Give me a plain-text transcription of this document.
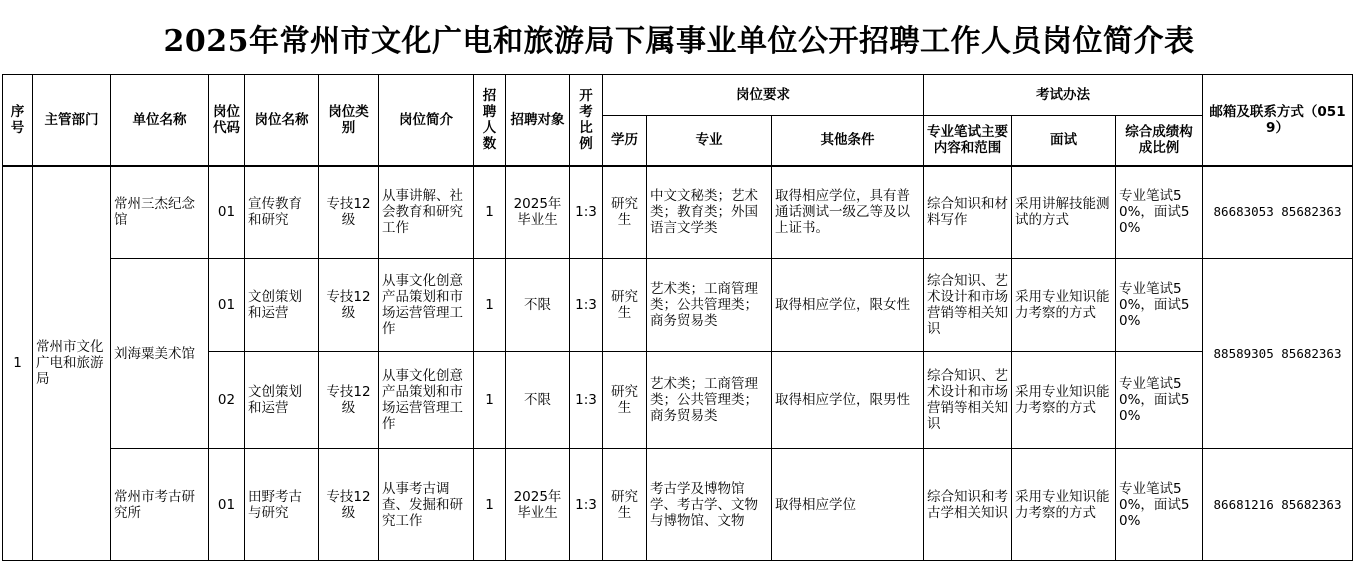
2025年常州市文化广电和旅游局下属事业单位公开招聘工作人员岗位简介表
序号	主管部门	单位名称	岗位代码	岗位名称	岗位类别	岗位简介	招聘人数	招聘对象	开考比例	岗位要求			考试办法			邮箱及联系方式（0519）
										学历	专业	其他条件	专业笔试主要内容和范围	面试	综合成绩构成比例	
1	常州市文化广电和旅游局	常州三杰纪念馆	01	宣传教育和研究	专技12级	从事讲解、社会教育和研究工作	1	2025年毕业生	1:3	研究生	中文文秘类；艺术类；教育类；外国语言文学类	取得相应学位，具有普通话测试一级乙等及以上证书。	综合知识和材料写作	采用讲解技能测试的方式	专业笔试50%，面试50%	86683053 85682363
		刘海粟美术馆	01	文创策划和运营	专技12级	从事文化创意产品策划和市场运营管理工作	1	不限	1:3	研究生	艺术类；工商管理类；公共管理类；商务贸易类	取得相应学位，限女性	综合知识、艺术设计和市场营销等相关知识	采用专业知识能力考察的方式	专业笔试50%，面试50%	88589305 85682363
			02	文创策划和运营	专技12级	从事文化创意产品策划和市场运营管理工作	1	不限	1:3	研究生	艺术类；工商管理类；公共管理类；商务贸易类	取得相应学位，限男性	综合知识、艺术设计和市场营销等相关知识	采用专业知识能力考察的方式	专业笔试50%，面试50%	
		常州市考古研究所	01	田野考古与研究	专技12级	从事考古调查、发掘和研究工作	1	2025年毕业生	1:3	研究生	考古学及博物馆学、考古学、文物与博物馆、文物	取得相应学位	综合知识和考古学相关知识	采用专业知识能力考察的方式	专业笔试50%，面试50%	86681216 85682363
